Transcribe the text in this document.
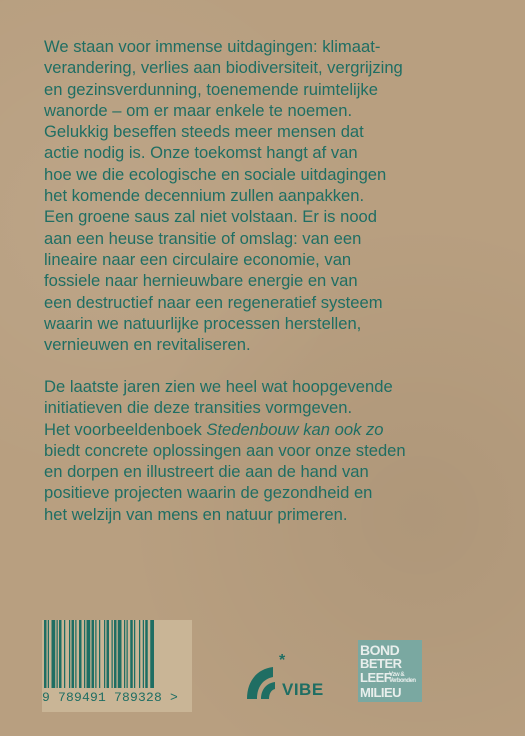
We staan voor immense uitdagingen: klimaat-
verandering, verlies aan biodiversiteit, vergrijzing
en gezinsverdunning, toenemende ruimtelijke
wanorde – om er maar enkele te noemen.
Gelukkig beseffen steeds meer mensen dat
actie nodig is. Onze toekomst hangt af van
hoe we die ecologische en sociale uitdagingen
het komende decennium zullen aanpakken.
Een groene saus zal niet volstaan. Er is nood
aan een heuse transitie of omslag: van een
lineaire naar een circulaire economie, van
fossiele naar hernieuwbare energie en van
een destructief naar een regeneratief systeem
waarin we natuurlijke processen herstellen,
vernieuwen en revitaliseren.
De laatste jaren zien we heel wat hoopgevende
initiatieven die deze transities vormgeven.
Het voorbeeldenboek Stedenbouw kan ook zo
biedt concrete oplossingen aan voor onze steden
en dorpen en illustreert die aan de hand van
positieve projecten waarin de gezondheid en
het welzijn van mens en natuur primeren.
9 789491 789328 >
*
VIBE
BOND
BETER
LEEF
MILIEU
Vzw & Verbonden
